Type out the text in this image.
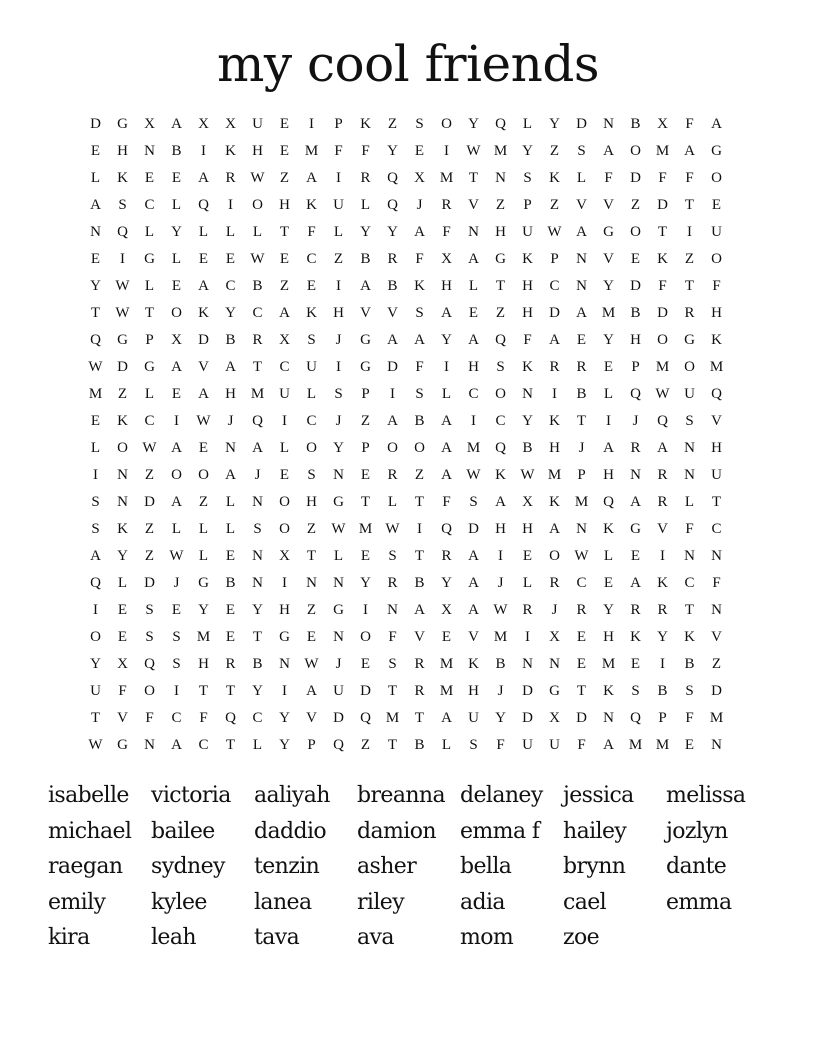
my cool friends
D	G	X	A	X	X	U	E	I	P	K	Z	S	O	Y	Q	L	Y	D	N	B	X	F	A
E	H	N	B	I	K	H	E	M	F	F	Y	E	I	W M Y	Z	S	A	O M A	G
L	K	E	E	A	R W	Z	A	I	R	Q	X M	T	N	S	K	L	F	D	F	F	O
A	S	C	L	Q	I	O	H	K	U	L	Q	J	R	V	Z	P	Z	V	V	Z	D	T	E
N	Q	L	Y	L	L	L	T	F	L	Y	Y	A	F	N	H	U W A	G	O	T	I	U
E	I	G	L	E	E	W	E	C	Z	B	R	F	X	A	G	K	P	N	V	E	K	Z	O
Y W	L	E	A	C	B	Z	E	I	A	B	K	H	L	T	H	C	N	Y	D	F	T	F
T	W	T	O	K	Y	C	A	K	H	V	V	S	A	E	Z	H	D	A M	B	D	R	H
Q	G	P	X	D	B	R	X	S	J	G	A	A	Y	A	Q	F	A	E	Y	H	O	G	K
W D	G	A	V	A	T	C	U	I	G	D	F	I	H	S	K	R	R	E	P	M O M
M	Z	L	E	A	H M U	L	S	P	I	S	L	C	O	N	I	B	L	Q W U	Q
E	K	C	I	W	J	Q	I	C	J	Z	A	B	A	I	C	Y	K	T	I	J	Q	S	V
L	O W A	E	N	A	L	O	Y	P	O	O	A M Q	B	H	J	A	R	A	N	H
I	N	Z	O	O	A	J	E	S	N	E	R	Z	A W K W M	P	H	N	R	N	U
S	N	D	A	Z	L	N	O	H	G	T	L	T	F	S	A	X	K M Q	A	R	L	T
S	K	Z	L	L	L	S	O	Z	W M W	I	Q	D	H	H	A	N	K	G	V	F	C
A	Y	Z	W	L	E	N	X	T	L	E	S	T	R	A	I	E	O W	L	E	I	N	N
Q	L	D	J	G	B	N	I	N	N	Y	R	B	Y	A	J	L	R	C	E	A	K	C	F
I	E	S	E	Y	E	Y	H	Z	G	I	N	A	X	A W R	J	R	Y	R	R	T	N
O	E	S	S	M	E	T	G	E	N	O	F	V	E	V M	I	X	E	H	K	Y	K	V
Y	X	Q	S	H	R	B	N W	J	E	S	R	M K	B	N	N	E	M	E	I	B	Z
U	F	O	I	T	T	Y	I	A	U	D	T	R	M H	J	D	G	T	K	S	B	S	D
T	V	F	C	F	Q	C	Y	V	D	Q M	T	A	U	Y	D	X	D	N	Q	P	F	M
W G	N	A	C	T	L	Y	P	Q	Z	T	B	L	S	F	U	U	F	A M M	E	N
isabelle	victoria	aaliyah	breanna delaney jessica	melissa
michael bailee	daddio	damion	emma f	hailey	jozlyn
raegan	sydney	tenzin	asher	bella	brynn	dante
emily	kylee	lanea	riley	adia	cael	emma
kira	leah	tava	ava	mom	zoe
